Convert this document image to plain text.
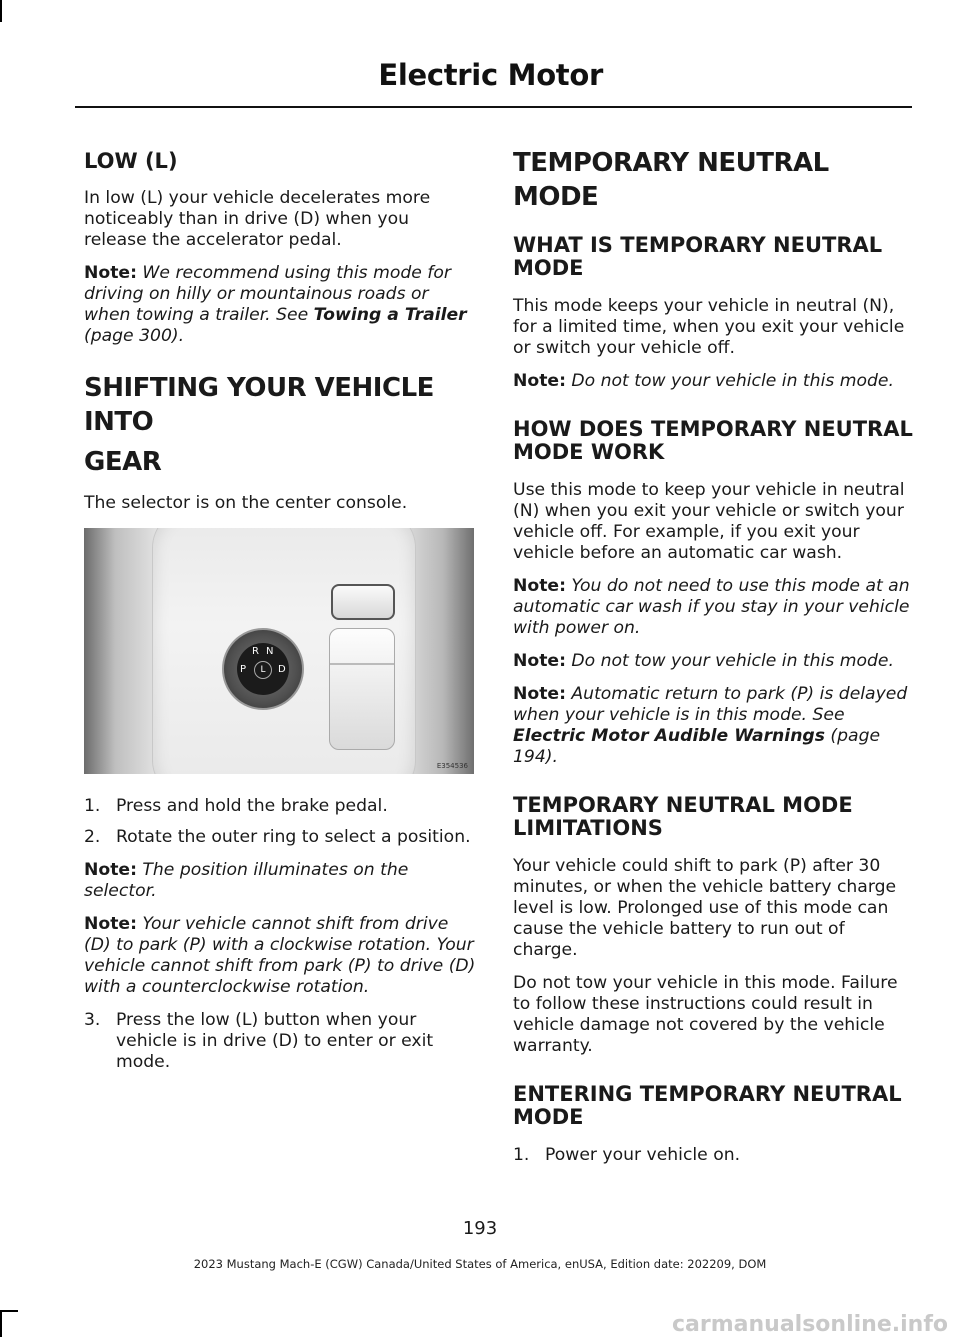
Electric Motor
LOW (L)

In low (L) your vehicle decelerates more noticeably than in drive (D) when you release the accelerator pedal.

Note: We recommend using this mode for driving on hilly or mountainous roads or when towing a trailer. See Towing a Trailer (page 300).

SHIFTING YOUR VEHICLE INTO
GEAR

The selector is on the center console.

P
R N
D
L
E354536
1. Press and hold the brake pedal.
2. Rotate the outer ring to select a position.

Note: The position illuminates on the selector.

Note: Your vehicle cannot shift from drive (D) to park (P) with a clockwise rotation. Your vehicle cannot shift from park (P) to drive (D) with a counterclockwise rotation.

3. Press the low (L) button when your vehicle is in drive (D) to enter or exit mode.
TEMPORARY NEUTRAL MODE
WHAT IS TEMPORARY NEUTRAL MODE

This mode keeps your vehicle in neutral (N), for a limited time, when you exit your vehicle or switch your vehicle off.

Note: Do not tow your vehicle in this mode.

HOW DOES TEMPORARY NEUTRAL MODE WORK

Use this mode to keep your vehicle in neutral (N) when you exit your vehicle or switch your vehicle off. For example, if you exit your vehicle before an automatic car wash.

Note: You do not need to use this mode at an automatic car wash if you stay in your vehicle with power on.

Note: Do not tow your vehicle in this mode.

Note: Automatic return to park (P) is delayed when your vehicle is in this mode. See Electric Motor Audible Warnings (page 194).

TEMPORARY NEUTRAL MODE LIMITATIONS

Your vehicle could shift to park (P) after 30 minutes, or when the vehicle battery charge level is low. Prolonged use of this mode can cause the vehicle battery to run out of charge.

Do not tow your vehicle in this mode. Failure to follow these instructions could result in vehicle damage not covered by the vehicle warranty.

ENTERING TEMPORARY NEUTRAL MODE
1. Power your vehicle on.
193
2023 Mustang Mach-E (CGW) Canada/United States of America, enUSA, Edition date: 202209, DOM
carmanualsonline.info
